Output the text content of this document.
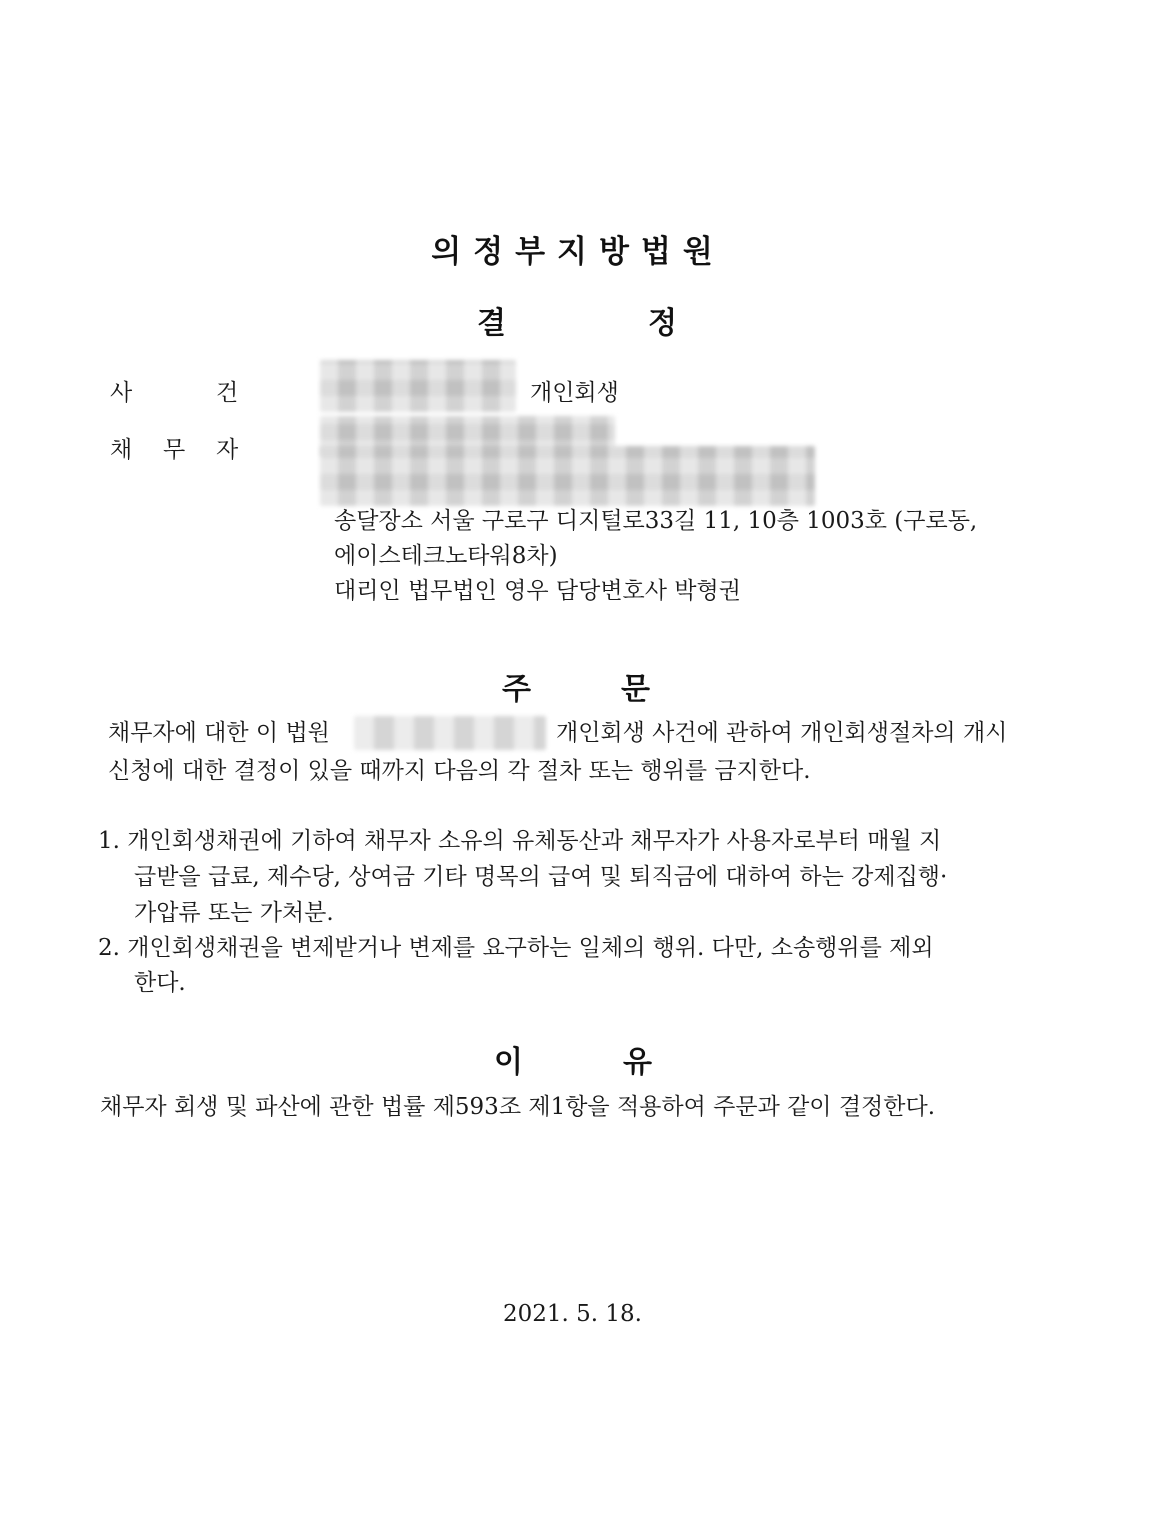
의정부지방법원
결	정
사	건	개인회생
채 무 자
송달장소 서울 구로구 디지털로33길 11, 10층 1003호 (구로동,
에이스테크노타워8차)
대리인 법무법인 영우 담당변호사 박형권
주	문
채무자에 대한 이 법원	개인회생 사건에 관하여 개인회생절차의 개시
신청에 대한 결정이 있을 때까지 다음의 각 절차 또는 행위를 금지한다.
1. 개인회생채권에 기하여 채무자 소유의 유체동산과 채무자가 사용자로부터 매월 지
급받을 급료, 제수당, 상여금 기타 명목의 급여 및 퇴직금에 대하여 하는 강제집행·
가압류 또는 가처분.
2. 개인회생채권을 변제받거나 변제를 요구하는 일체의 행위. 다만, 소송행위를 제외
한다.
이	유
채무자 회생 및 파산에 관한 법률 제593조 제1항을 적용하여 주문과 같이 결정한다.
2021. 5. 18.
